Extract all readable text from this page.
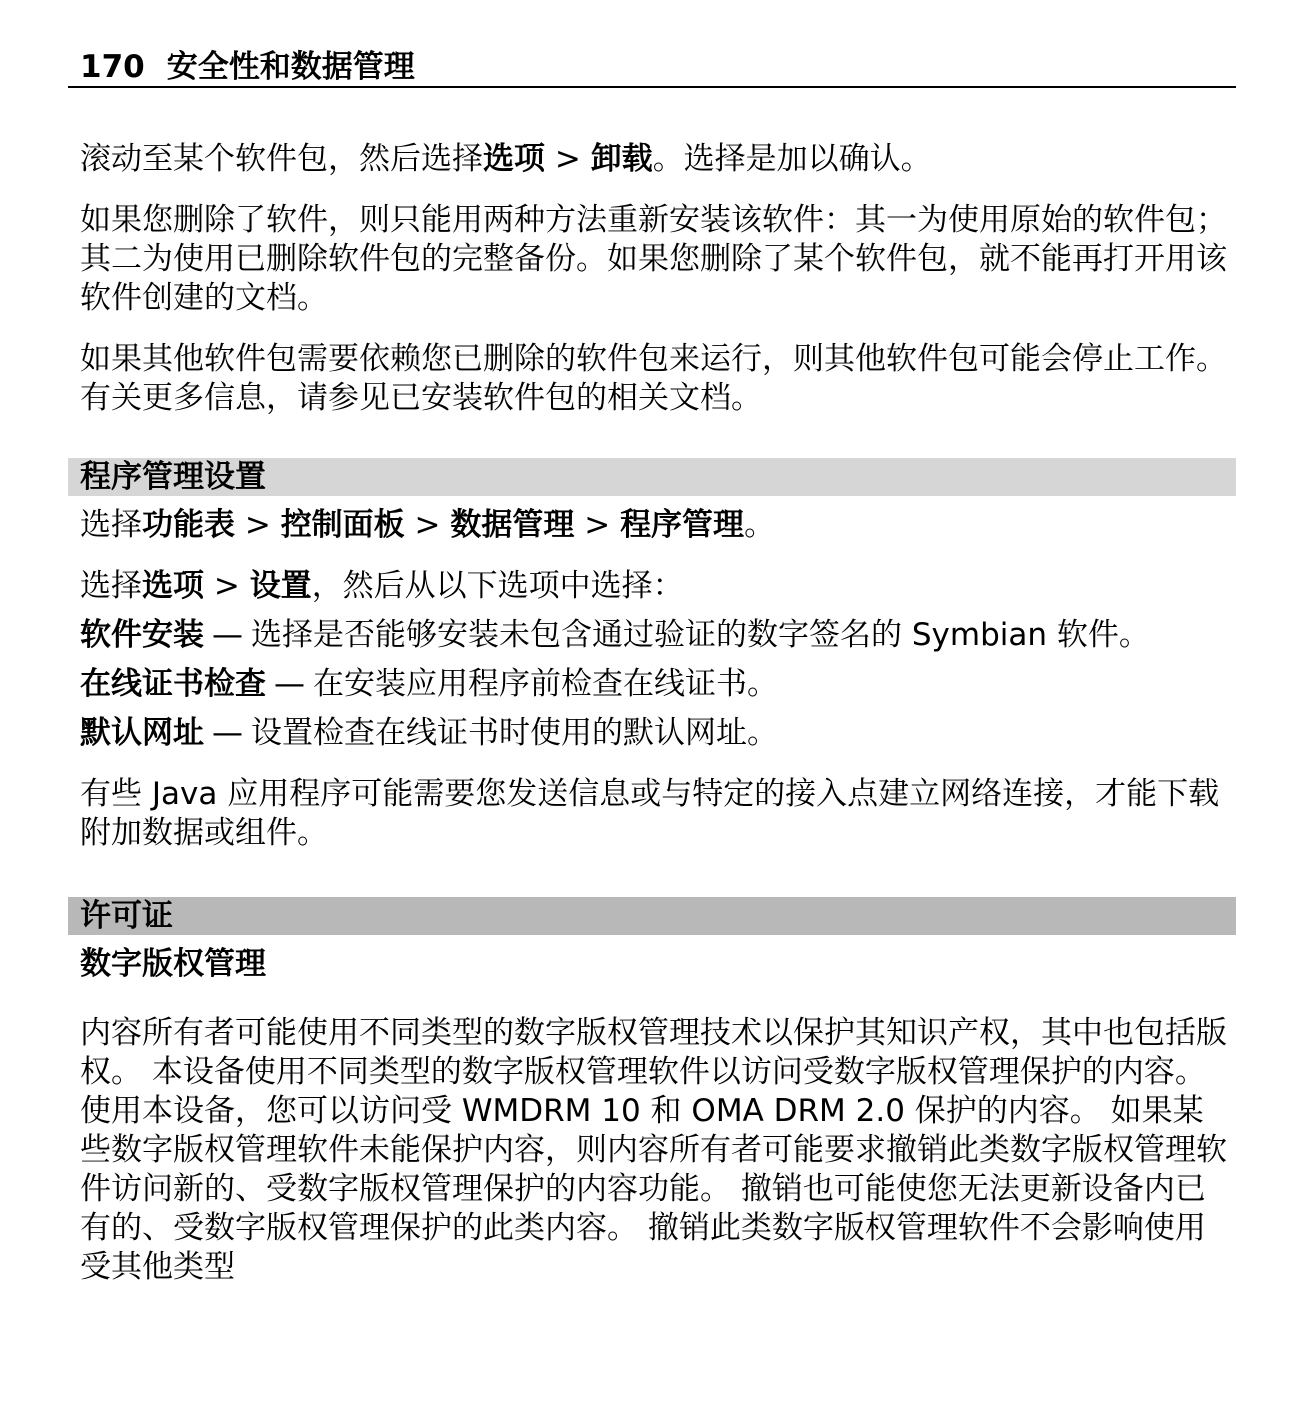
170 安全性和数据管理

滚动至某个软件包，然后选择选项 > 卸载。选择是加以确认。

如果您删除了软件，则只能用两种方法重新安装该软件：其一为使用原始的软件包；其二为使用已删除软件包的完整备份。如果您删除了某个软件包，就不能再打开用该软件创建的文档。

如果其他软件包需要依赖您已删除的软件包来运行，则其他软件包可能会停止工作。有关更多信息，请参见已安装软件包的相关文档。

程序管理设置

选择功能表 > 控制面板 > 数据管理 > 程序管理。

选择选项 > 设置，然后从以下选项中选择：

软件安装 — 选择是否能够安装未包含通过验证的数字签名的 Symbian 软件。

在线证书检查 — 在安装应用程序前检查在线证书。

默认网址 — 设置检查在线证书时使用的默认网址。

有些 Java 应用程序可能需要您发送信息或与特定的接入点建立网络连接，才能下载附加数据或组件。

许可证
数字版权管理

内容所有者可能使用不同类型的数字版权管理技术以保护其知识产权，其中也包括版权。 本设备使用不同类型的数字版权管理软件以访问受数字版权管理保护的内容。 使用本设备，您可以访问受 WMDRM 10 和 OMA DRM 2.0 保护的内容。 如果某些数字版权管理软件未能保护内容，则内容所有者可能要求撤销此类数字版权管理软件访问新的、受数字版权管理保护的内容功能。 撤销也可能使您无法更新设备内已有的、受数字版权管理保护的此类内容。 撤销此类数字版权管理软件不会影响使用受其他类型
